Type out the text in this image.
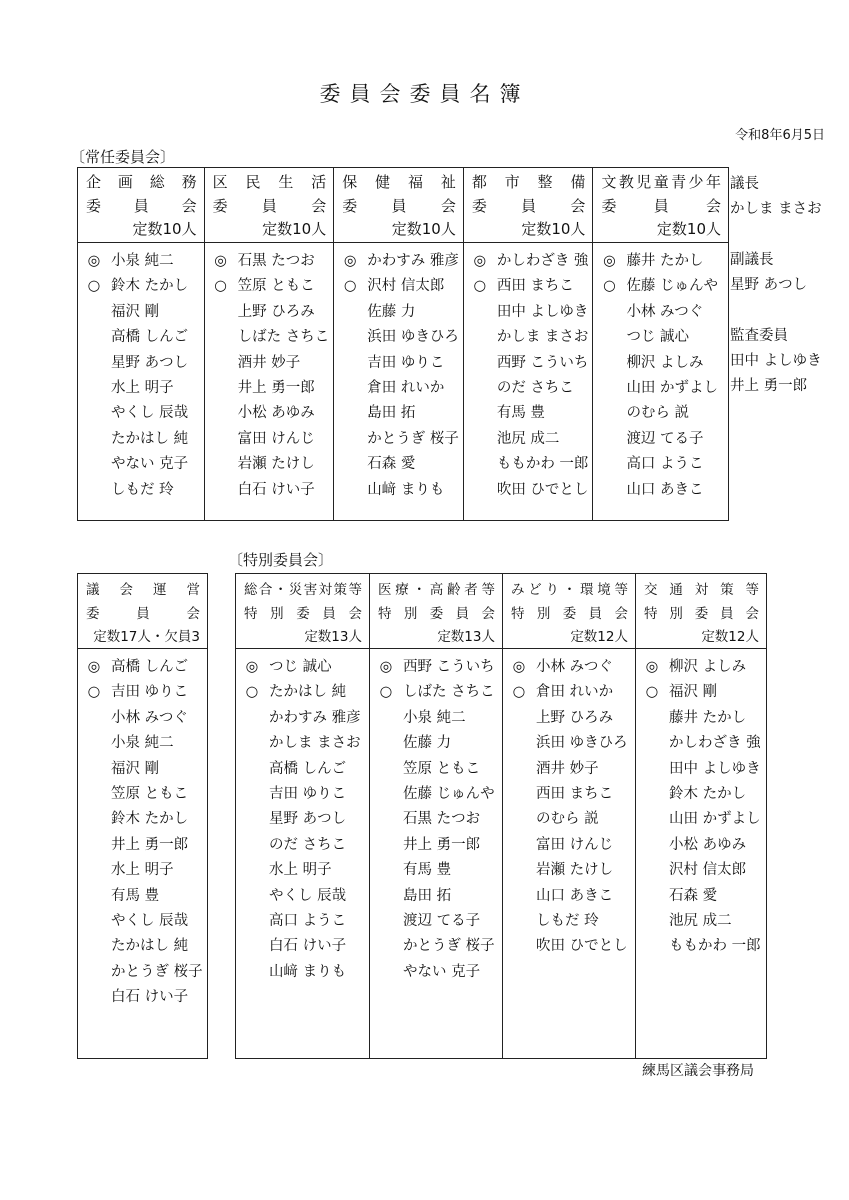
委員会委員名簿
令和8年6月5日
〔常任委員会〕
企 画 総 務
委 員 会
定数10人
◎ 小泉 純二
○ 鈴木 たかし
福沢 剛
高橋 しんご
星野 あつし
水上 明子
やくし 辰哉
たかはし 純
やない 克子
しもだ 玲
区 民 生 活
委 員 会
定数10人
◎ 石黒 たつお
○ 笠原 ともこ
上野 ひろみ
しばた さちこ
酒井 妙子
井上 勇一郎
小松 あゆみ
富田 けんじ
岩瀬 たけし
白石 けい子
保 健 福 祉
委 員 会
定数10人
◎ かわすみ 雅彦
○ 沢村 信太郎
佐藤 力
浜田 ゆきひろ
吉田 ゆりこ
倉田 れいか
島田 拓
かとうぎ 桜子
石森 愛
山﨑 まりも
都 市 整 備
委 員 会
定数10人
◎ かしわざき 強
○ 西田 まちこ
田中 よしゆき
かしま まさお
西野 こういち
のだ さちこ
有馬 豊
池尻 成二
ももかわ 一郎
吹田 ひでとし
文 教 児 童 青 少 年
委 員 会
定数10人
◎ 藤井 たかし
○ 佐藤 じゅんや
小林 みつぐ
つじ 誠心
柳沢 よしみ
山田 かずよし
のむら 説
渡辺 てる子
高口 ようこ
山口 あきこ
議長
かしま まさお
副議長
星野 あつし
監査委員
田中 よしゆき
井上 勇一郎
〔特別委員会〕
議 会 運 営
委	員	会
定数17人・欠員3
◎ 高橋 しんご
○ 吉田 ゆりこ
小林 みつぐ
小泉 純二
福沢 剛
笠原 ともこ
鈴木 たかし
井上 勇一郎
水上 明子
有馬 豊
やくし 辰哉
たかはし 純
かとうぎ 桜子
白石 けい子
総 合 ・ 災 害 対 策 等
特 別 委 員 会
定数13人
◎ つじ 誠心
○ たかはし 純
かわすみ 雅彦
かしま まさお
高橋 しんご
吉田 ゆりこ
星野 あつし
のだ さちこ
水上 明子
やくし 辰哉
高口 ようこ
白石 けい子
山﨑 まりも
医 療 ・ 高 齢 者 等
特 別 委 員 会
定数13人
◎ 西野 こういち
○ しばた さちこ
小泉 純二
佐藤 力
笠原 ともこ
佐藤 じゅんや
石黒 たつお
井上 勇一郎
有馬 豊
島田 拓
渡辺 てる子
かとうぎ 桜子
やない 克子
み ど り ・ 環 境 等
特 別 委 員 会
定数12人
◎ 小林 みつぐ
○ 倉田 れいか
上野 ひろみ
浜田 ゆきひろ
酒井 妙子
西田 まちこ
のむら 説
富田 けんじ
岩瀬 たけし
山口 あきこ
しもだ 玲
吹田 ひでとし
交 通 対 策 等
特 別 委 員 会
定数12人
◎ 柳沢 よしみ
○ 福沢 剛
藤井 たかし
かしわざき 強
田中 よしゆき
鈴木 たかし
山田 かずよし
小松 あゆみ
沢村 信太郎
石森 愛
池尻 成二
ももかわ 一郎
練馬区議会事務局
